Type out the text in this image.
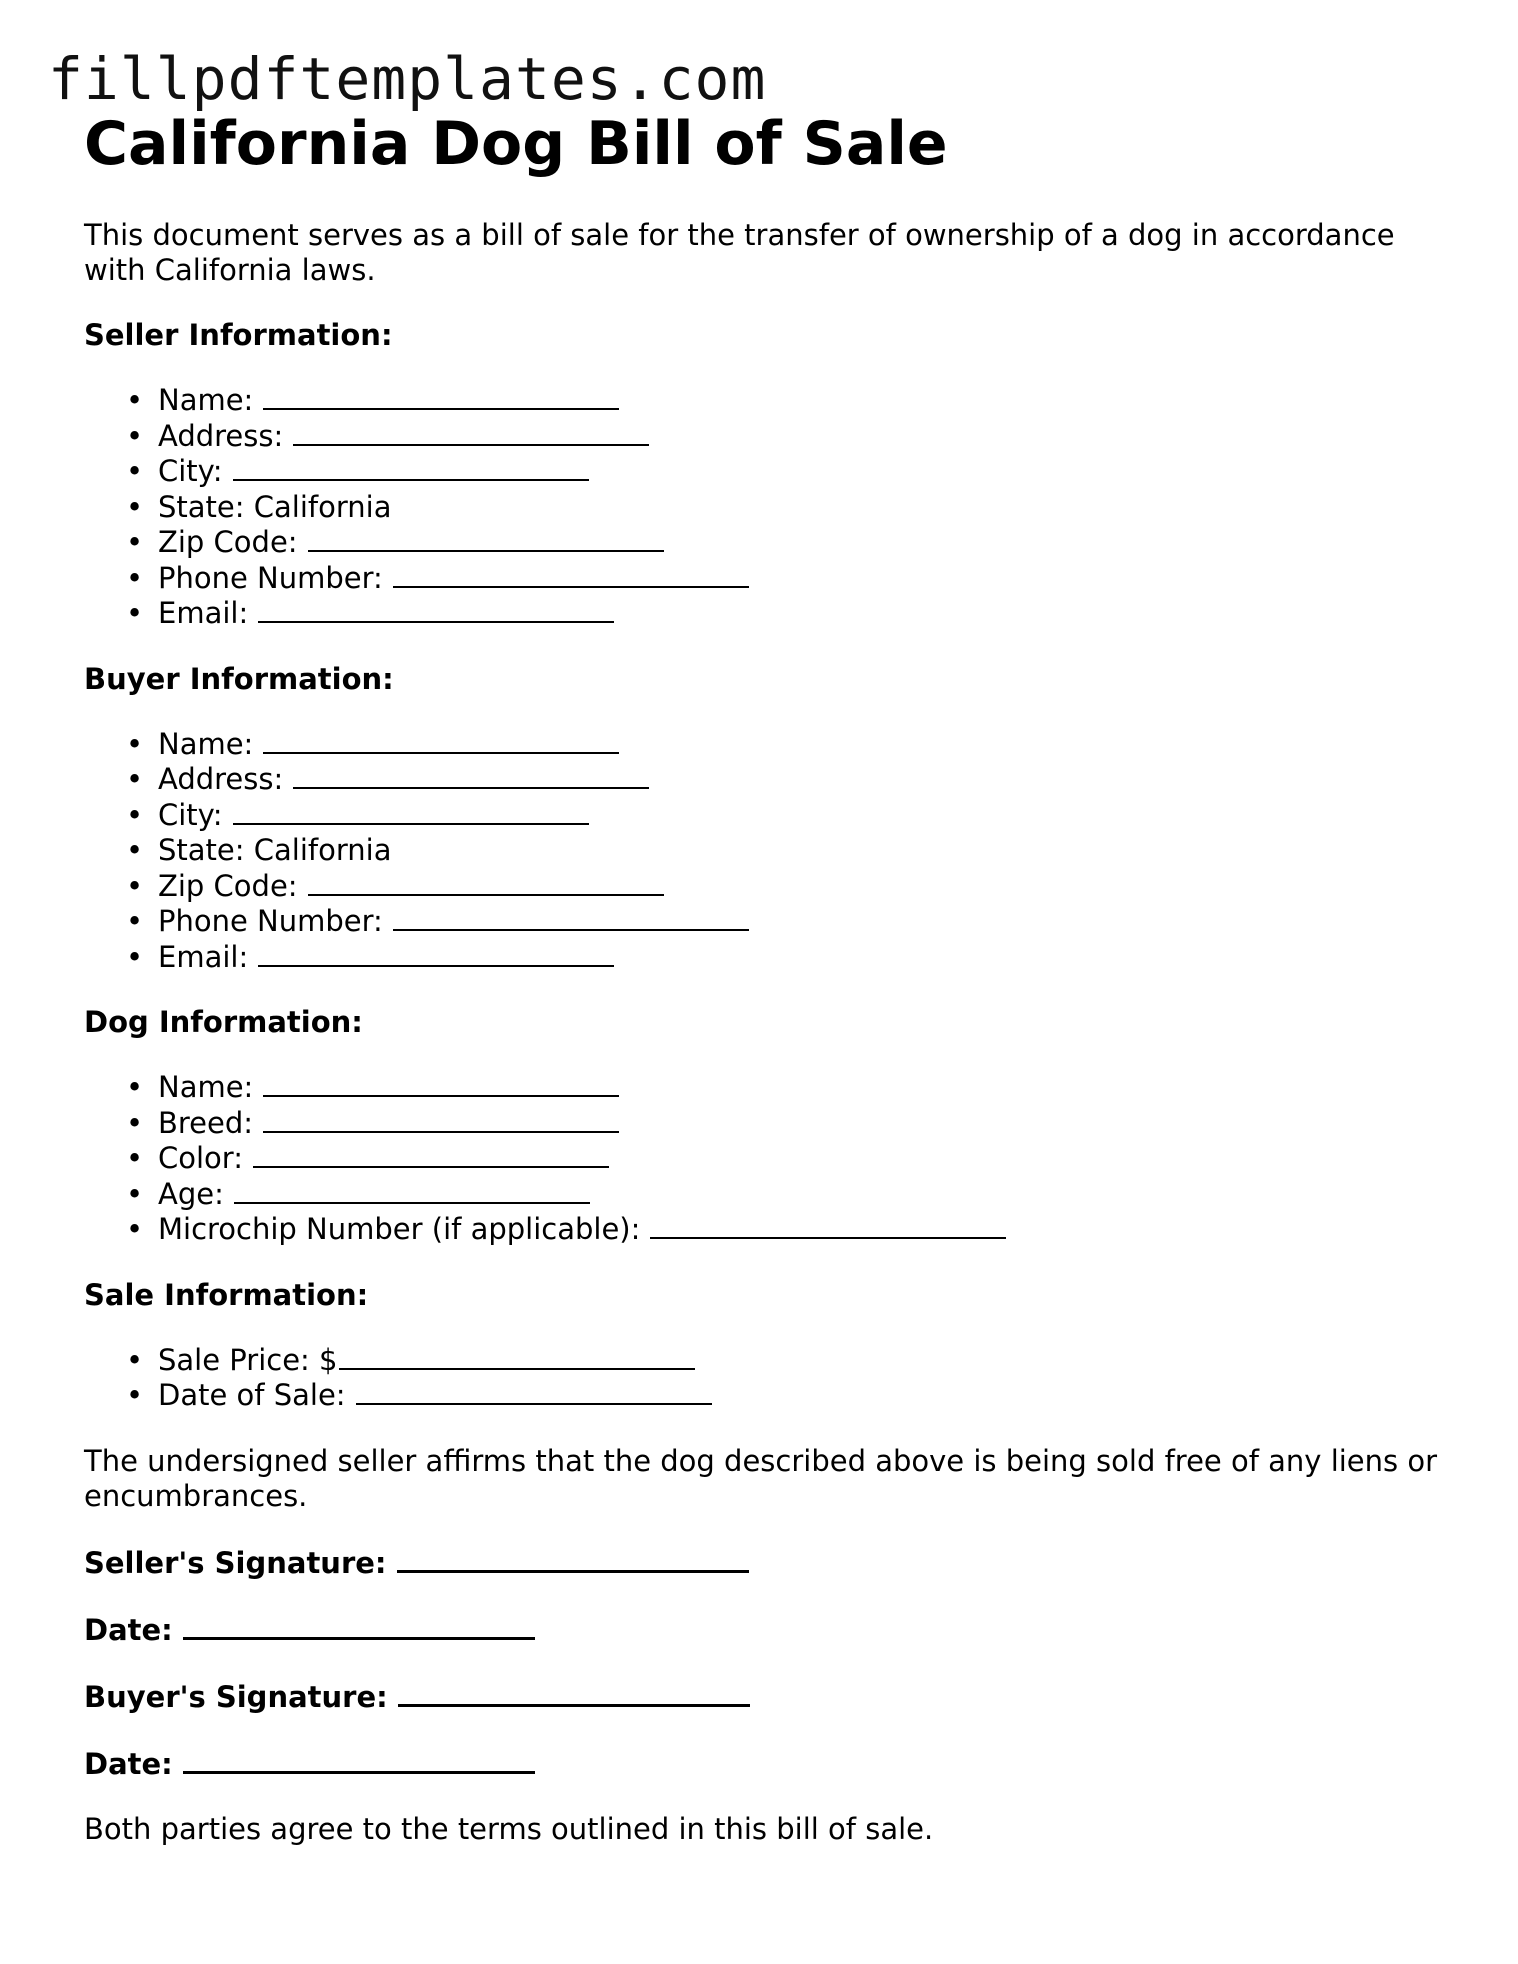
fillpdftemplates.com
California Dog Bill of Sale

This document serves as a bill of sale for the transfer of ownership of a dog in accordance with California laws.

Seller Information:
• Name:
• Address:
• City:
• State: California
• Zip Code:
• Phone Number:
• Email:
Buyer Information:
• Name:
• Address:
• City:
• State: California
• Zip Code:
• Phone Number:
• Email:
Dog Information:
• Name:
• Breed:
• Color:
• Age:
• Microchip Number (if applicable):
Sale Information:
• Sale Price: $
• Date of Sale:

The undersigned seller affirms that the dog described above is being sold free of any liens or encumbrances.

Seller's Signature:
Date:
Buyer's Signature:
Date:

Both parties agree to the terms outlined in this bill of sale.
